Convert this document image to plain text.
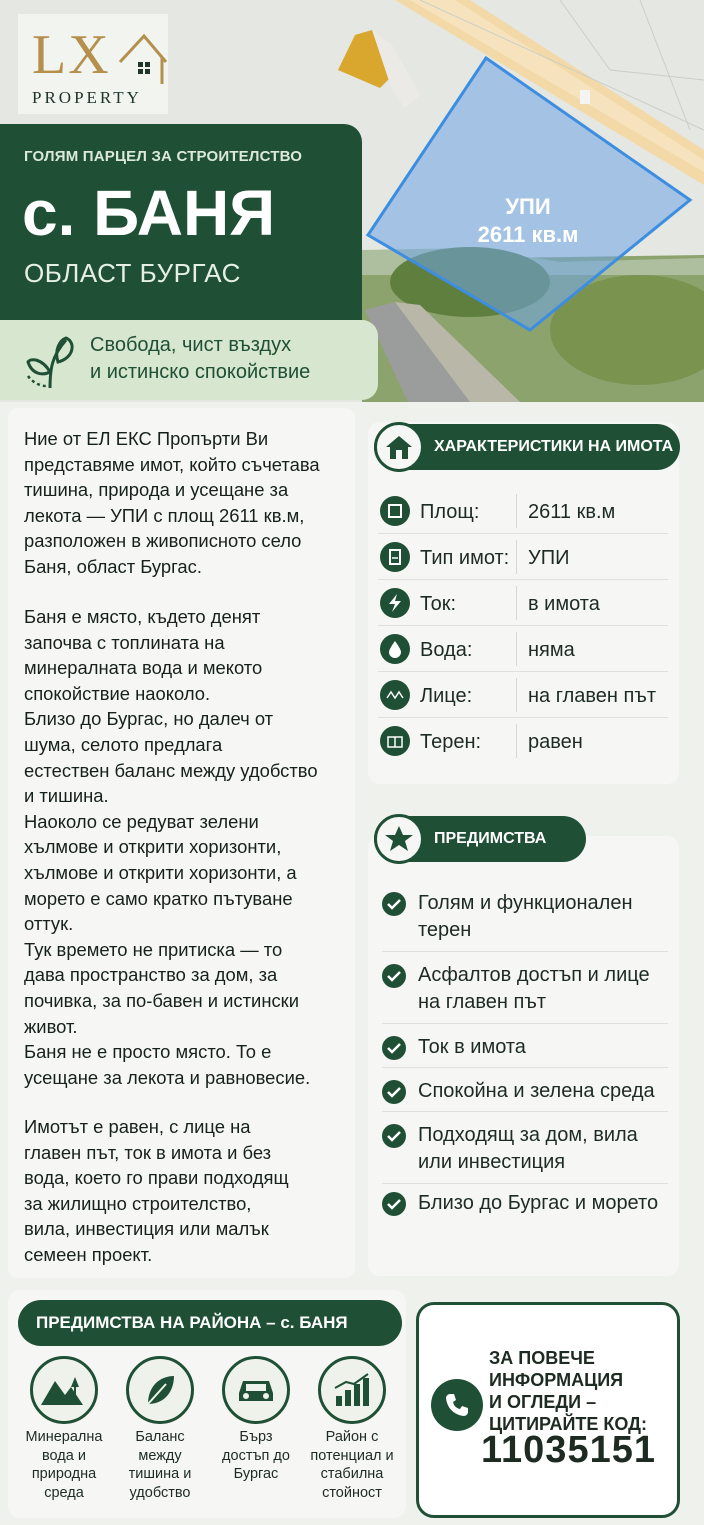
УПИ
2611 кв.м
LX
PROPERTY
ГОЛЯМ ПАРЦЕЛ ЗА СТРОИТЕЛСТВО
с. БАНЯ
ОБЛАСТ БУРГАС
Свобода, чист въздух
и истинско спокойствие

Ние от ЕЛ ЕКС Пропърти Ви
представяме имот, който съчетава
тишина, природа и усещане за
лекота — УПИ с площ 2611 кв.м,
разположен в живописното село
Баня, област Бургас.

Баня е място, където денят
започва с топлината на
минералната вода и мекото
спокойствие наоколо.
Близо до Бургас, но далеч от
шума, селото предлага
естествен баланс между удобство
и тишина.
Наоколо се редуват зелени
хълмове и открити хоризонти,
хълмове и открити хоризонти, а
морето е само кратко пътуване
оттук.
Тук времето не притиска — то
дава пространство за дом, за
почивка, за по-бавен и истински
живот.
Баня не е просто място. То е
усещане за лекота и равновесие.

Имотът е равен, с лице на
главен път, ток в имота и без
вода, което го прави подходящ
за жилищно строителство,
вила, инвестиция или малък
семеен проект.

ХАРАКТЕРИСТИКИ НА ИМОТА
Площ: 2611 кв.м
Тип имот: УПИ
Ток:	в имота
Вода:	няма
Лице:	на главен път
Терен: равен
ПРЕДИМСТВА
Голям и функционален
терен
Асфалтов достъп и лице
на главен път
Ток в имота
Спокойна и зелена среда
Подходящ за дом, вила
или инвестиция
Близо до Бургас и морето
ПРЕДИМСТВА НА РАЙОНА – с. БАНЯ
Минерална
вода и
природна
среда
Баланс
между
тишина и
удобство
Бърз
достъп до
Бургас
Район с
потенциал и
стабилна
стойност
ЗА ПОВЕЧЕ
ИНФОРМАЦИЯ
И ОГЛЕДИ –
ЦИТИРАЙТЕ КОД:
11035151
